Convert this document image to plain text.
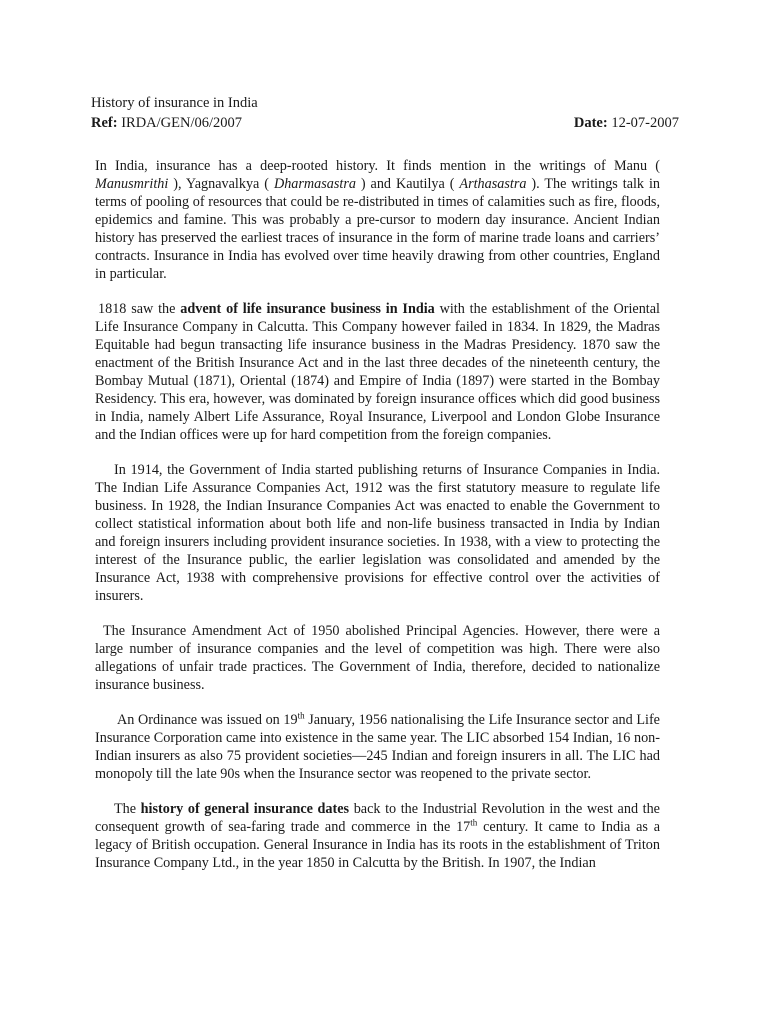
History of insurance in India
Ref: IRDA/GEN/06/2007	Date: 12-07-2007

In India, insurance has a deep-rooted history. It finds mention in the writings of Manu ( Manusmrithi ), Yagnavalkya ( Dharmasastra ) and Kautilya ( Arthasastra ). The writings talk in terms of pooling of resources that could be re-distributed in times of calamities such as fire, floods, epidemics and famine. This was probably a pre-cursor to modern day insurance. Ancient Indian history has preserved the earliest traces of insurance in the form of marine trade loans and carriers’ contracts. Insurance in India has evolved over time heavily drawing from other countries, England in particular.

1818 saw the advent of life insurance business in India with the establishment of the Oriental Life Insurance Company in Calcutta. This Company however failed in 1834. In 1829, the Madras Equitable had begun transacting life insurance business in the Madras Presidency. 1870 saw the enactment of the British Insurance Act and in the last three decades of the nineteenth century, the Bombay Mutual (1871), Oriental (1874) and Empire of India (1897) were started in the Bombay Residency. This era, however, was dominated by foreign insurance offices which did good business in India, namely Albert Life Assurance, Royal Insurance, Liverpool and London Globe Insurance and the Indian offices were up for hard competition from the foreign companies.

In 1914, the Government of India started publishing returns of Insurance Companies in India. The Indian Life Assurance Companies Act, 1912 was the first statutory measure to regulate life business. In 1928, the Indian Insurance Companies Act was enacted to enable the Government to collect statistical information about both life and non-life business transacted in India by Indian and foreign insurers including provident insurance societies. In 1938, with a view to protecting the interest of the Insurance public, the earlier legislation was consolidated and amended by the Insurance Act, 1938 with comprehensive provisions for effective control over the activities of insurers.

The Insurance Amendment Act of 1950 abolished Principal Agencies. However, there were a large number of insurance companies and the level of competition was high. There were also allegations of unfair trade practices. The Government of India, therefore, decided to nationalize insurance business.

An Ordinance was issued on 19th January, 1956 nationalising the Life Insurance sector and Life Insurance Corporation came into existence in the same year. The LIC absorbed 154 Indian, 16 non-Indian insurers as also 75 provident societies—245 Indian and foreign insurers in all. The LIC had monopoly till the late 90s when the Insurance sector was reopened to the private sector.

The history of general insurance dates back to the Industrial Revolution in the west and the consequent growth of sea-faring trade and commerce in the 17th century. It came to India as a legacy of British occupation. General Insurance in India has its roots in the establishment of Triton Insurance Company Ltd., in the year 1850 in Calcutta by the British. In 1907, the Indian
